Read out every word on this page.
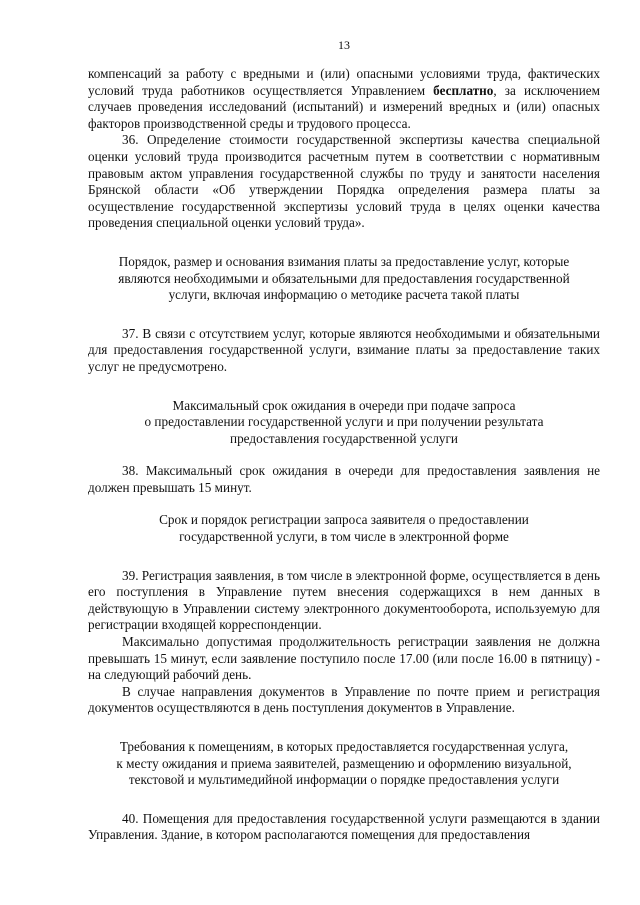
13

компенсаций за работу с вредными и (или) опасными условиями труда, фактических условий труда работников осуществляется Управлением бесплатно, за исключением случаев проведения исследований (испытаний) и измерений вредных и (или) опасных факторов производственной среды и трудового процесса.

36. Определение стоимости государственной экспертизы качества специальной оценки условий труда производится расчетным путем в соответствии с нормативным правовым актом управления государственной службы по труду и занятости населения Брянской области «Об утверждении Порядка определения размера платы за осуществление государственной экспертизы условий труда в целях оценки качества проведения специальной оценки условий труда».

Порядок, размер и основания взимания платы за предоставление услуг, которые
являются необходимыми и обязательными для предоставления государственной
услуги, включая информацию о методике расчета такой платы

37. В связи с отсутствием услуг, которые являются необходимыми и обязательными для предоставления государственной услуги, взимание платы за предоставление таких услуг не предусмотрено.

Максимальный срок ожидания в очереди при подаче запроса
о предоставлении государственной услуги и при получении результата
предоставления государственной услуги

38. Максимальный срок ожидания в очереди для предоставления заявления не должен превышать 15 минут.

Срок и порядок регистрации запроса заявителя о предоставлении
государственной услуги, в том числе в электронной форме

39. Регистрация заявления, в том числе в электронной форме, осуществляется в день его поступления в Управление путем внесения содержащихся в нем данных в действующую в Управлении систему электронного документооборота, используемую для регистрации входящей корреспонденции.

Максимально допустимая продолжительность регистрации заявления не должна превышать 15 минут, если заявление поступило после 17.00 (или после 16.00 в пятницу) - на следующий рабочий день.

В случае направления документов в Управление по почте прием и регистрация документов осуществляются в день поступления документов в Управление.

Требования к помещениям, в которых предоставляется государственная услуга,
к месту ожидания и приема заявителей, размещению и оформлению визуальной,
текстовой и мультимедийной информации о порядке предоставления услуги

40. Помещения для предоставления государственной услуги размещаются в здании Управления. Здание, в котором располагаются помещения для предоставления
